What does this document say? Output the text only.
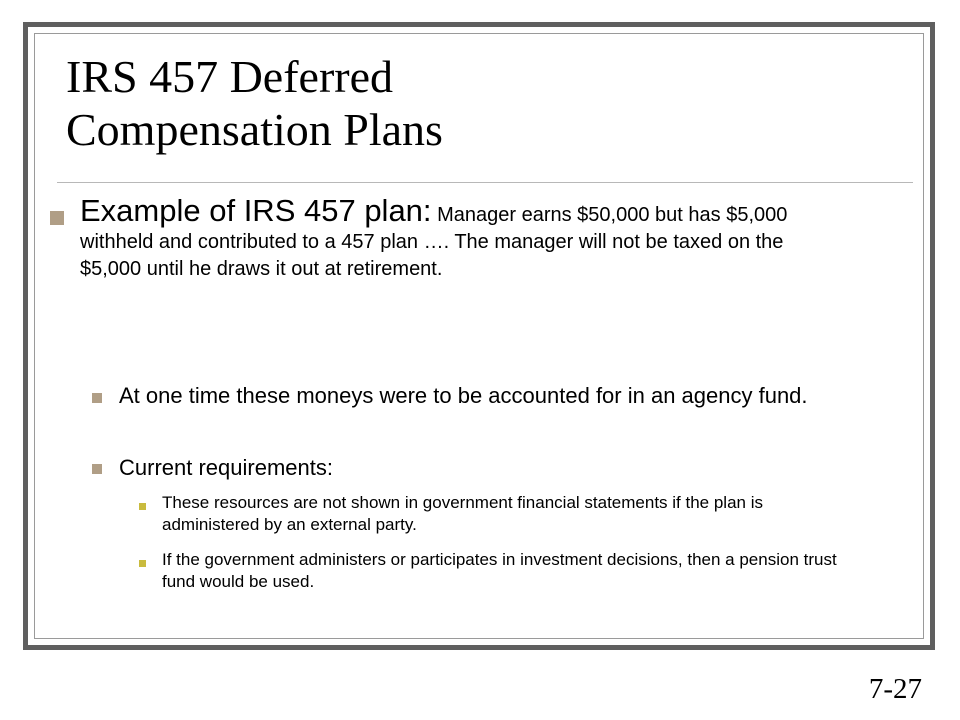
IRS 457 Deferred
Compensation Plans
Example of IRS 457 plan: Manager earns $50,000 but has $5,000 withheld and contributed to a 457 plan …. The manager will not be taxed on the $5,000 until he draws it out at retirement.
At one time these moneys were to be accounted for in an agency fund.
Current requirements:
These resources are not shown in government financial statements if the plan is administered by an external party.
If the government administers or participates in investment decisions, then a pension trust fund would be used.
7-27
